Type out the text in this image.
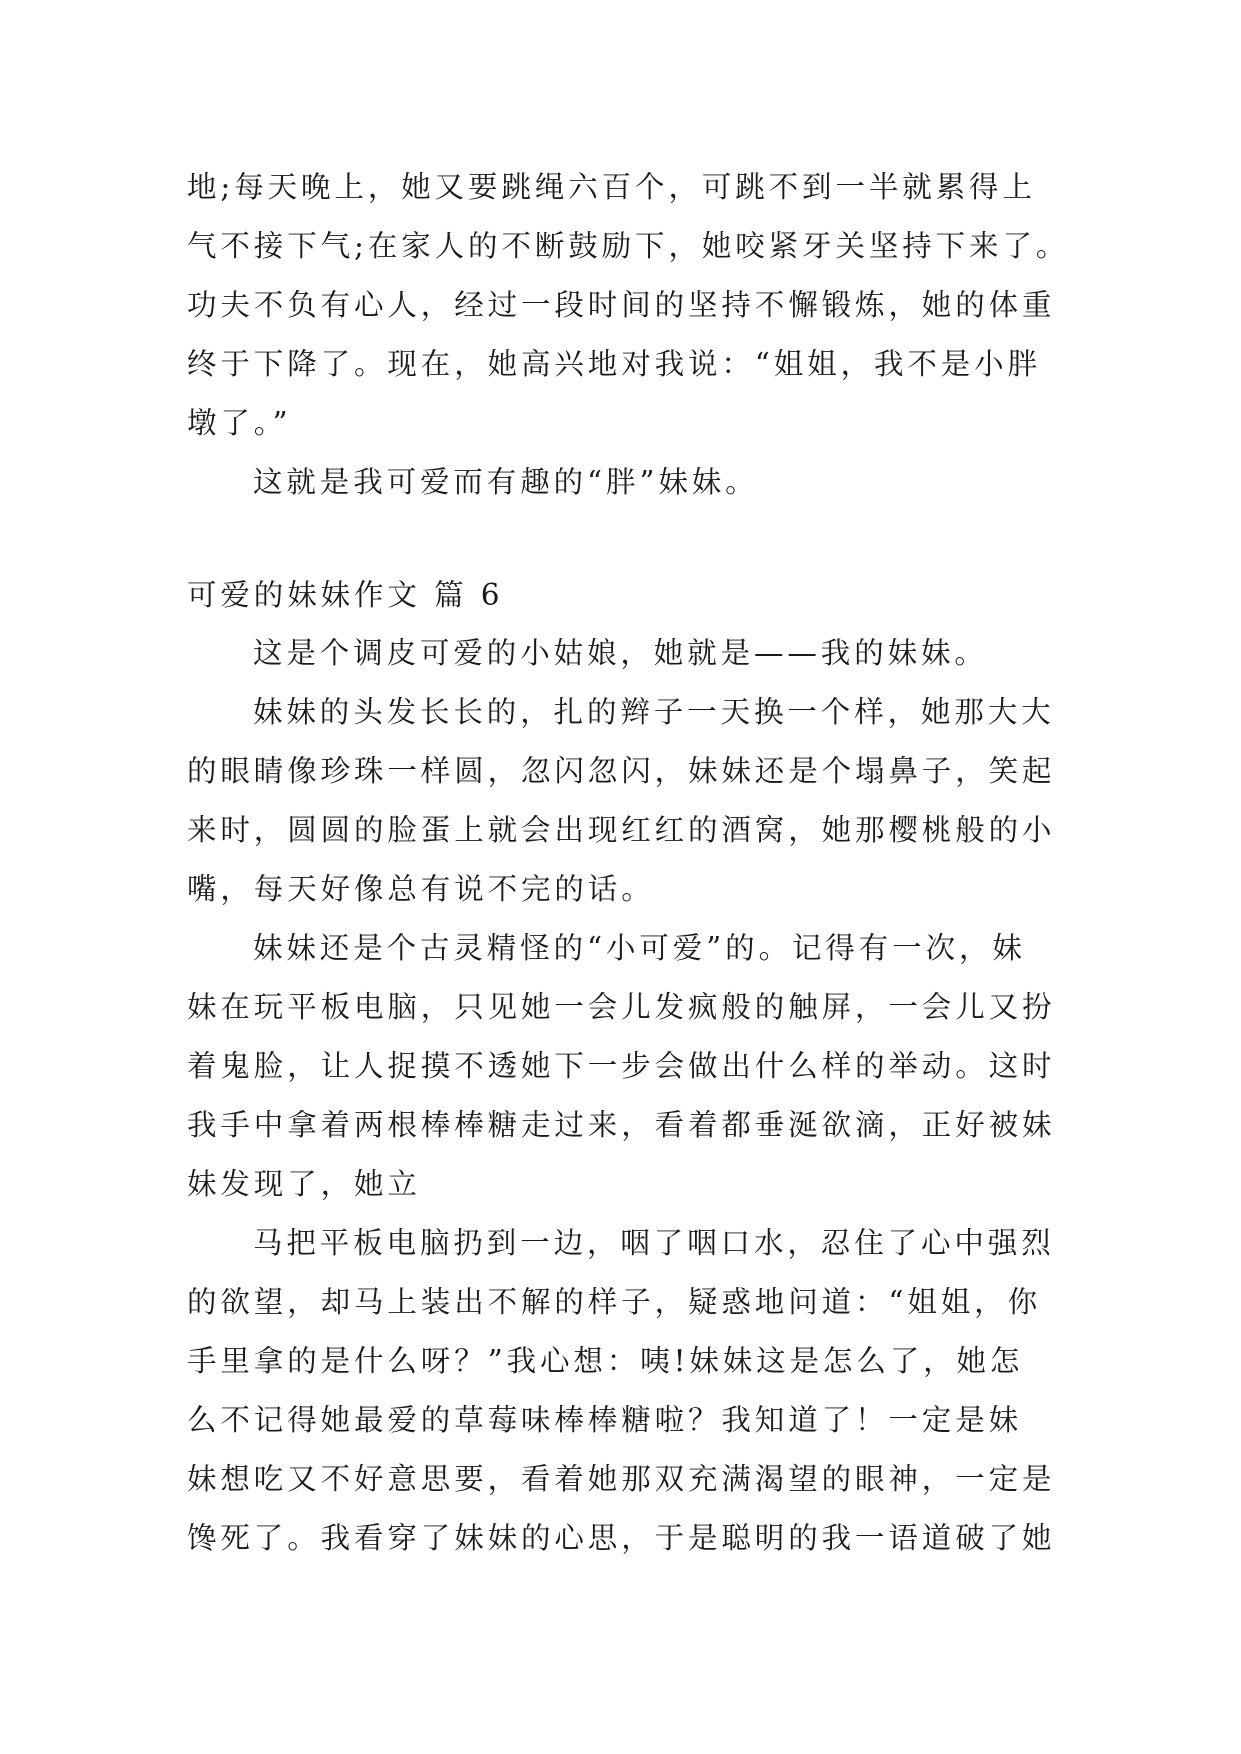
地;每天晚上，她又要跳绳六百个，可跳不到一半就累得上
气不接下气;在家人的不断鼓励下，她咬紧牙关坚持下来了。
功夫不负有心人，经过一段时间的坚持不懈锻炼，她的体重
终于下降了。现在，她高兴地对我说：“姐姐，我不是小胖
墩了。”
这就是我可爱而有趣的“胖”妹妹。
可爱的妹妹作文 篇 6
这是个调皮可爱的小姑娘，她就是——我的妹妹。
妹妹的头发长长的，扎的辫子一天换一个样，她那大大
的眼睛像珍珠一样圆，忽闪忽闪，妹妹还是个塌鼻子，笑起
来时，圆圆的脸蛋上就会出现红红的酒窝，她那樱桃般的小
嘴，每天好像总有说不完的话。
妹妹还是个古灵精怪的“小可爱”的。记得有一次，妹
妹在玩平板电脑，只见她一会儿发疯般的触屏，一会儿又扮
着鬼脸，让人捉摸不透她下一步会做出什么样的举动。这时
我手中拿着两根棒棒糖走过来，看着都垂涎欲滴，正好被妹
妹发现了，她立
马把平板电脑扔到一边，咽了咽口水，忍住了心中强烈
的欲望，却马上装出不解的样子，疑惑地问道：“姐姐，你
手里拿的是什么呀？”我心想：咦!妹妹这是怎么了，她怎
么不记得她最爱的草莓味棒棒糖啦？我知道了！一定是妹
妹想吃又不好意思要，看着她那双充满渴望的眼神，一定是
馋死了。我看穿了妹妹的心思，于是聪明的我一语道破了她
